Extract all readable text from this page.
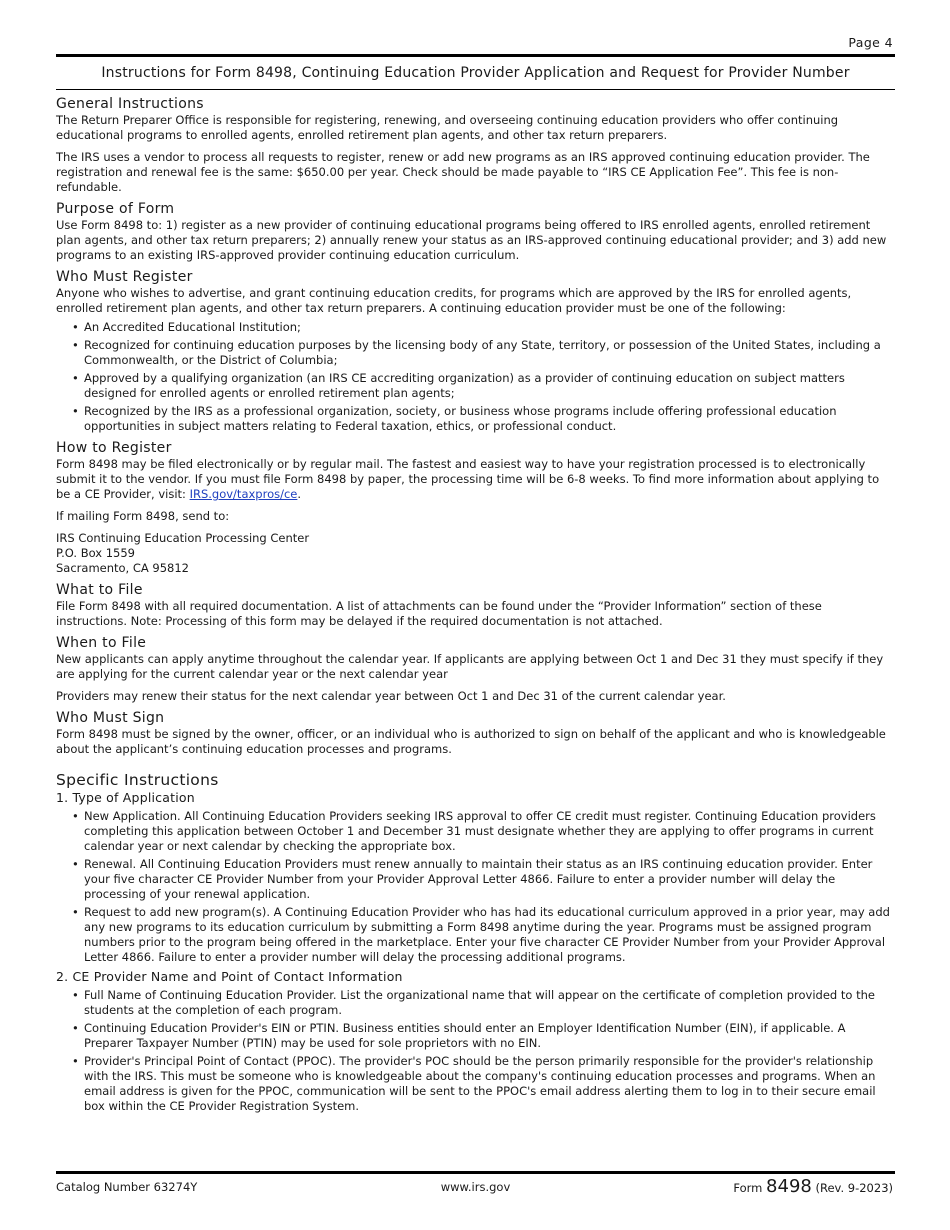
Page 4
Instructions for Form 8498, Continuing Education Provider Application and Request for Provider Number
General Instructions

The Return Preparer Office is responsible for registering, renewing, and overseeing continuing education providers who offer continuing educational programs to enrolled agents, enrolled retirement plan agents, and other tax return preparers.

The IRS uses a vendor to process all requests to register, renew or add new programs as an IRS approved continuing education provider. The registration and renewal fee is the same: $650.00 per year. Check should be made payable to “IRS CE Application Fee”. This fee is non-refundable.

Purpose of Form

Use Form 8498 to: 1) register as a new provider of continuing educational programs being offered to IRS enrolled agents, enrolled retirement plan agents, and other tax return preparers; 2) annually renew your status as an IRS-approved continuing educational provider; and 3) add new programs to an existing IRS-approved provider continuing education curriculum.

Who Must Register

Anyone who wishes to advertise, and grant continuing education credits, for programs which are approved by the IRS for enrolled agents, enrolled retirement plan agents, and other tax return preparers. A continuing education provider must be one of the following:

• An Accredited Educational Institution;
• Recognized for continuing education purposes by the licensing body of any State, territory, or possession of the United States, including a Commonwealth, or the District of Columbia;
• Approved by a qualifying organization (an IRS CE accrediting organization) as a provider of continuing education on subject matters designed for enrolled agents or enrolled retirement plan agents;
• Recognized by the IRS as a professional organization, society, or business whose programs include offering professional education opportunities in subject matters relating to Federal taxation, ethics, or professional conduct.
How to Register

Form 8498 may be filed electronically or by regular mail. The fastest and easiest way to have your registration processed is to electronically submit it to the vendor. If you must file Form 8498 by paper, the processing time will be 6-8 weeks. To find more information about applying to be a CE Provider, visit: IRS.gov/taxpros/ce.

If mailing Form 8498, send to:

IRS Continuing Education Processing Center
P.O. Box 1559
Sacramento, CA 95812
What to File

File Form 8498 with all required documentation. A list of attachments can be found under the “Provider Information” section of these instructions. Note: Processing of this form may be delayed if the required documentation is not attached.

When to File

New applicants can apply anytime throughout the calendar year. If applicants are applying between Oct 1 and Dec 31 they must specify if they are applying for the current calendar year or the next calendar year

Providers may renew their status for the next calendar year between Oct 1 and Dec 31 of the current calendar year.

Who Must Sign

Form 8498 must be signed by the owner, officer, or an individual who is authorized to sign on behalf of the applicant and who is knowledgeable about the applicant’s continuing education processes and programs.

Specific Instructions
1. Type of Application
• New Application. All Continuing Education Providers seeking IRS approval to offer CE credit must register. Continuing Education providers completing this application between October 1 and December 31 must designate whether they are applying to offer programs in current calendar year or next calendar by checking the appropriate box.
• Renewal. All Continuing Education Providers must renew annually to maintain their status as an IRS continuing education provider. Enter your five character CE Provider Number from your Provider Approval Letter 4866. Failure to enter a provider number will delay the processing of your renewal application.
• Request to add new program(s). A Continuing Education Provider who has had its educational curriculum approved in a prior year, may add any new programs to its education curriculum by submitting a Form 8498 anytime during the year. Programs must be assigned program numbers prior to the program being offered in the marketplace. Enter your five character CE Provider Number from your Provider Approval Letter 4866. Failure to enter a provider number will delay the processing additional programs.
2. CE Provider Name and Point of Contact Information
• Full Name of Continuing Education Provider. List the organizational name that will appear on the certificate of completion provided to the students at the completion of each program.
• Continuing Education Provider's EIN or PTIN. Business entities should enter an Employer Identification Number (EIN), if applicable. A Preparer Taxpayer Number (PTIN) may be used for sole proprietors with no EIN.
• Provider's Principal Point of Contact (PPOC). The provider's POC should be the person primarily responsible for the provider's relationship with the IRS. This must be someone who is knowledgeable about the company's continuing education processes and programs. When an email address is given for the PPOC, communication will be sent to the PPOC's email address alerting them to log in to their secure email box within the CE Provider Registration System.
Catalog Number 63274Y	www.irs.gov	Form 8498 (Rev. 9-2023)
